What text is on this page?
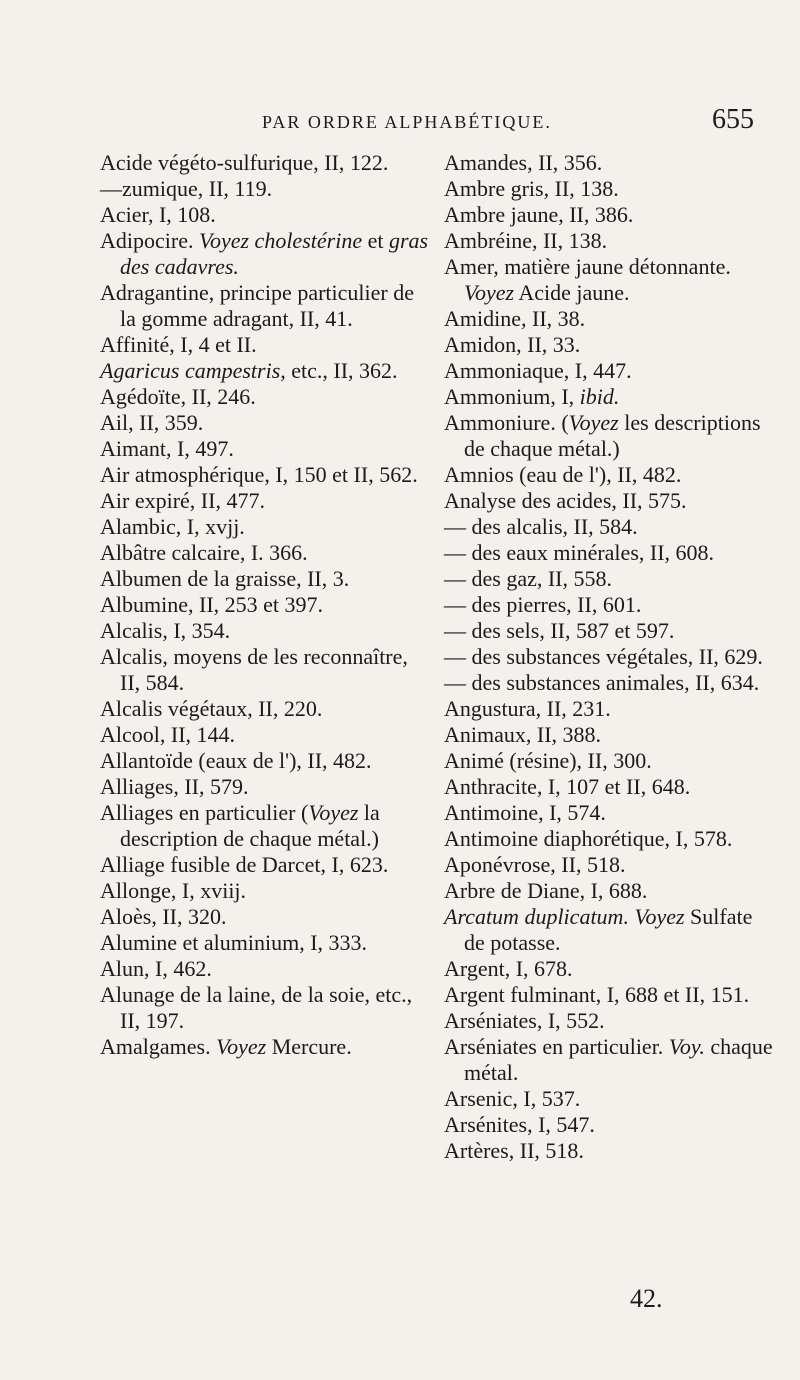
PAR ORDRE ALPHABÉTIQUE.	655
Acide végéto-sulfurique, II, 122.
—zumique, II, 119.
Acier, I, 108.
Adipocire. Voyez cholestérine et gras des cadavres.
Adragantine, principe particulier de la gomme adragant, II, 41.
Affinité, I, 4 et II.
Agaricus campestris, etc., II, 362.
Agédoïte, II, 246.
Ail, II, 359.
Aimant, I, 497.
Air atmosphérique, I, 150 et II, 562.
Air expiré, II, 477.
Alambic, I, xvjj.
Albâtre calcaire, I. 366.
Albumen de la graisse, II, 3.
Albumine, II, 253 et 397.
Alcalis, I, 354.
Alcalis, moyens de les reconnaître, II, 584.
Alcalis végétaux, II, 220.
Alcool, II, 144.
Allantoïde (eaux de l'), II, 482.
Alliages, II, 579.
Alliages en particulier (Voyez la description de chaque métal.)
Alliage fusible de Darcet, I, 623.
Allonge, I, xviij.
Aloès, II, 320.
Alumine et aluminium, I, 333.
Alun, I, 462.
Alunage de la laine, de la soie, etc., II, 197.
Amalgames. Voyez Mercure.
Amandes, II, 356.
Ambre gris, II, 138.
Ambre jaune, II, 386.
Ambréine, II, 138.
Amer, matière jaune détonnante. Voyez Acide jaune.
Amidine, II, 38.
Amidon, II, 33.
Ammoniaque, I, 447.
Ammonium, I, ibid.
Ammoniure. (Voyez les descriptions de chaque métal.)
Amnios (eau de l'), II, 482.
Analyse des acides, II, 575.
— des alcalis, II, 584.
— des eaux minérales, II, 608.
— des gaz, II, 558.
— des pierres, II, 601.
— des sels, II, 587 et 597.
— des substances végétales, II, 629.
— des substances animales, II, 634.
Angustura, II, 231.
Animaux, II, 388.
Animé (résine), II, 300.
Anthracite, I, 107 et II, 648.
Antimoine, I, 574.
Antimoine diaphorétique, I, 578.
Aponévrose, II, 518.
Arbre de Diane, I, 688.
Arcatum duplicatum. Voyez Sulfate de potasse.
Argent, I, 678.
Argent fulminant, I, 688 et II, 151.
Arséniates, I, 552.
Arséniates en particulier. Voy. chaque métal.
Arsenic, I, 537.
Arsénites, I, 547.
Artères, II, 518.
42.
